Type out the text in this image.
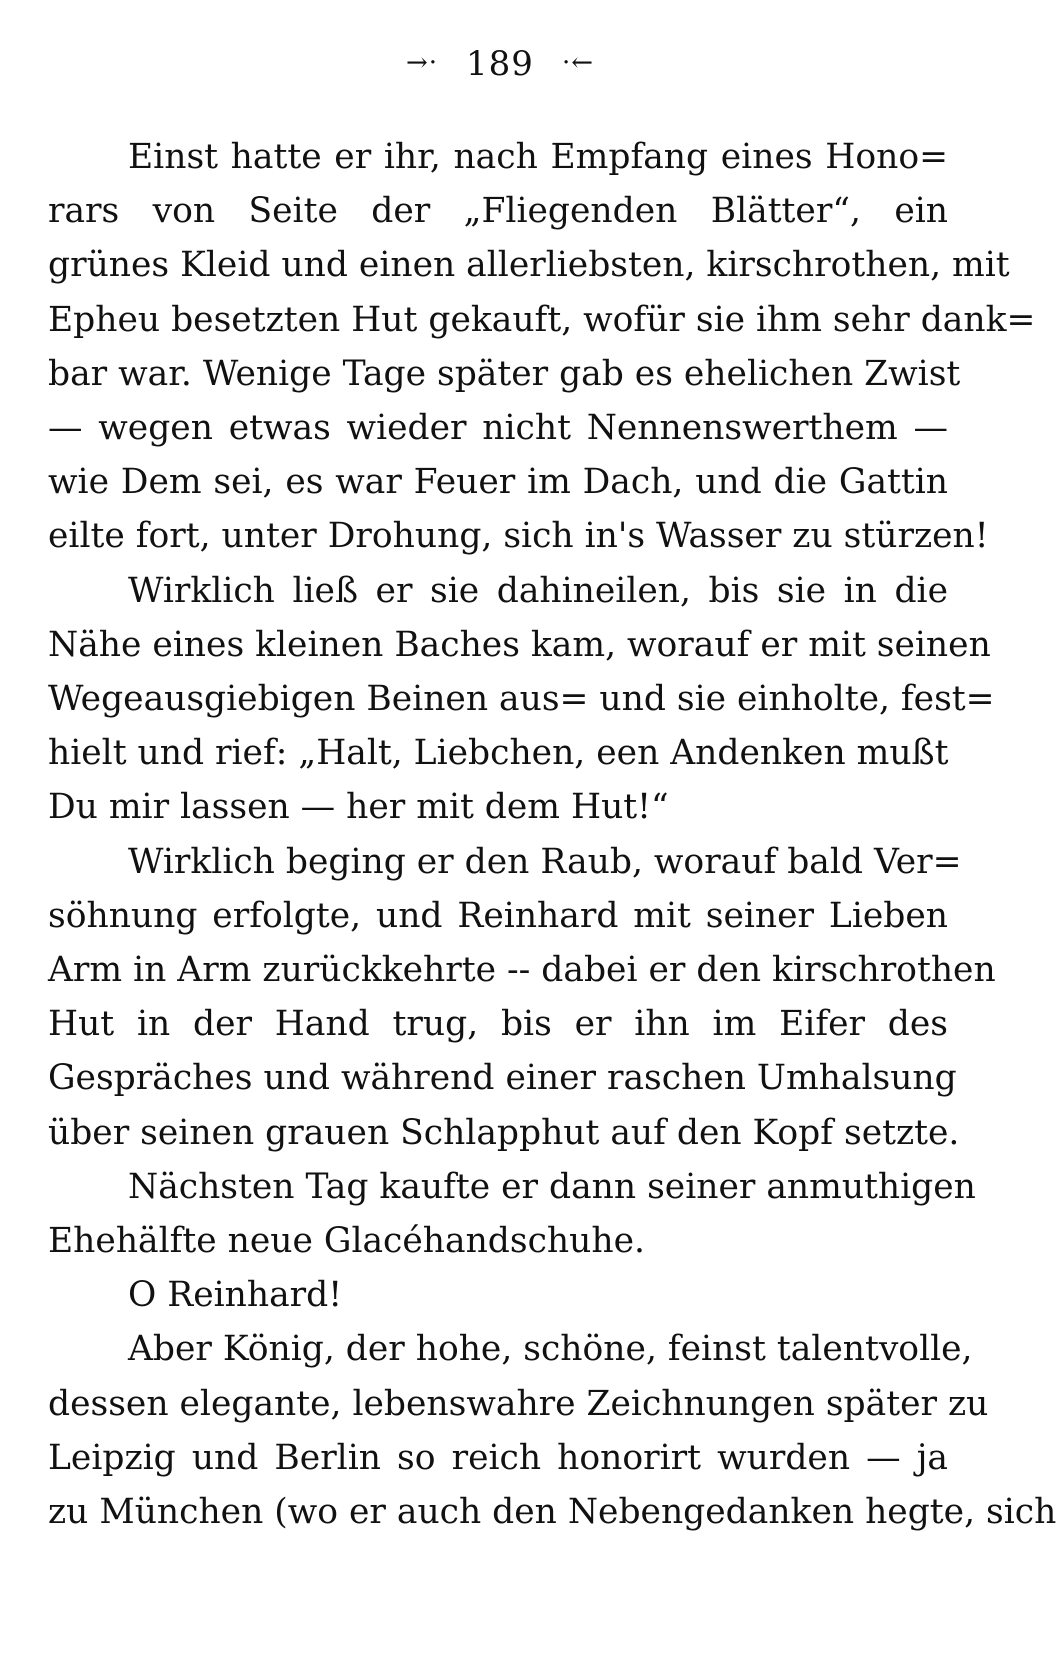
→· 189 ·←
Einst hatte er ihr, nach Empfang eines Hono=
rars von Seite der „Fliegenden Blätter“, ein
grünes Kleid und einen allerliebsten, kirschrothen, mit
Epheu besetzten Hut gekauft, wofür sie ihm sehr dank=
bar war. Wenige Tage später gab es ehelichen Zwist
— wegen etwas wieder nicht Nennenswerthem —
wie Dem sei, es war Feuer im Dach, und die Gattin
eilte fort, unter Drohung, sich in's Wasser zu stürzen!
Wirklich ließ er sie dahineilen, bis sie in die
Nähe eines kleinen Baches kam, worauf er mit seinen
Wegeausgiebigen Beinen aus= und sie einholte, fest=
hielt und rief: „Halt, Liebchen, een Andenken mußt
Du mir lassen — her mit dem Hut!“
Wirklich beging er den Raub, worauf bald Ver=
söhnung erfolgte, und Reinhard mit seiner Lieben
Arm in Arm zurückkehrte -- dabei er den kirschrothen
Hut in der Hand trug, bis er ihn im Eifer des
Gespräches und während einer raschen Umhalsung
über seinen grauen Schlapphut auf den Kopf setzte.
Nächsten Tag kaufte er dann seiner anmuthigen
Ehehälfte neue Glacéhandschuhe.
O Reinhard!
Aber König, der hohe, schöne, feinst talentvolle,
dessen elegante, lebenswahre Zeichnungen später zu
Leipzig und Berlin so reich honorirt wurden — ja
zu München (wo er auch den Nebengedanken hegte, sich
